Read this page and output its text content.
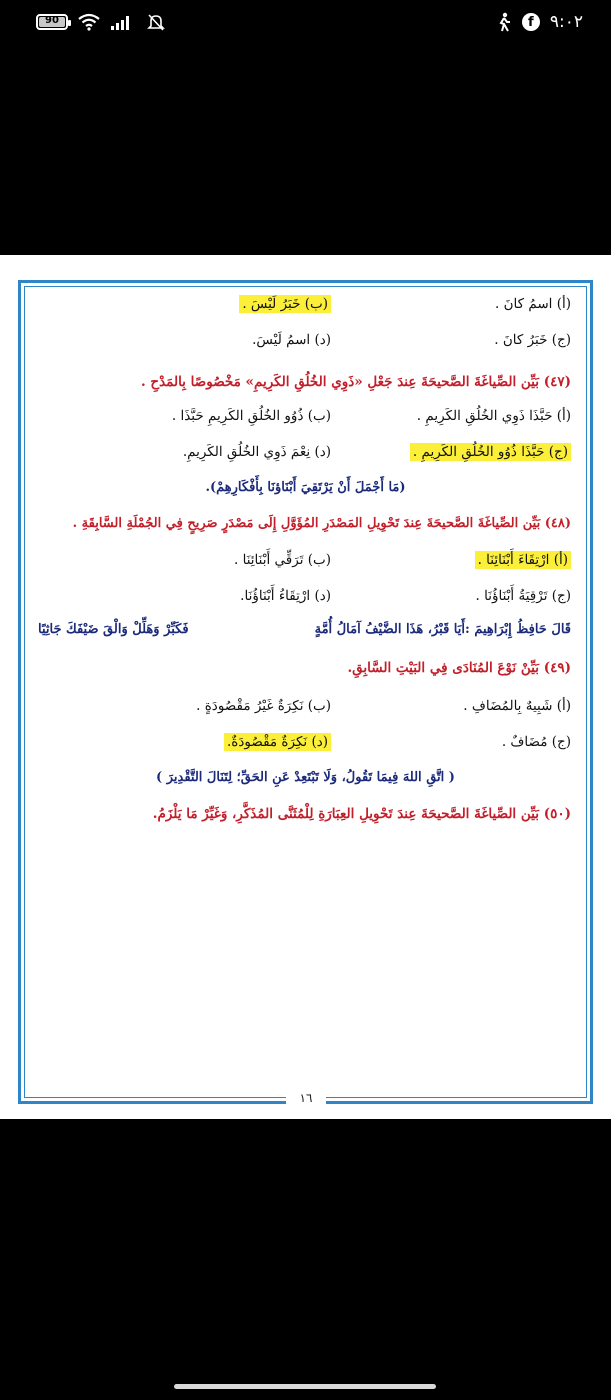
90	f ٩:٠٢
١٦
(أ) اسمُ كانَ .
(ب) خَبَرُ لَيْسَ .
(ج) خَبَرُ كانَ .
(د) اسمُ لَيْسَ.
(٤٧) بَيِّن الصِّياغَةَ الصَّحيحَةَ عِندَ جَعْلِ «ذَوِي الخُلُقِ الكَرِيمِ» مَخْصُوصًا بِالمَدْحِ .
(أ) حَبَّذَا ذَوِي الخُلُقِ الكَرِيمِ .
(ب) ذُوُو الخُلُقِ الكَرِيمِ حَبَّذَا .
(ج) حَبَّذَا ذُوُو الخُلُقِ الكَرِيمِ .
(د) نِعْمَ ذَوِي الخُلُقِ الكَرِيمِ.
(مَا أَجْمَلَ أَنْ يَرْتَقِيَ أَبْنَاؤنَا بِأَفْكَارِهِمْ).
(٤٨) بَيِّن الصِّياغَةَ الصَّحيحَةَ عِندَ تَحْوِيلِ المَصْدَرِ المُؤَوَّلِ إِلَى مَصْدَرٍ صَرِيحٍ فِي الجُمْلَةِ السَّابِقَةِ .
(أ) ارْتِقَاءَ أَبْنَائِنَا .
(ب) تَرَقِّي أَبْنَائِنَا .
(ج) تَرْقِيَةُ أَبْنَاؤُنَا .
(د) ارْتِقَاءُ أَبْنَاؤُنَا.
قَالَ حَافِظُ إِبْرَاهِيمَ :أَيَا قَبْرُ، هَذَا الضَّيْفُ آمَالُ أُمَّةٍ
فَكَبِّرْ وَهَلِّلْ وَالْقَ ضَيْفَكَ جَاثِيًا
(٤٩) بَيِّنْ نَوْعَ المُنَادَى فِي البَيْتِ السَّابِقِ.
(أ) شَبِيهٌ بِالمُضَافِ .
(ب) نَكِرَةٌ غَيْرُ مَقْصُودَةٍ .
(ج) مُضَافٌ .
(د) نَكِرَةٌ مَقْصُودَةٌ.
( اتَّقِ اللهَ فِيمَا تَقُولُ، وَلَا تَبْتَعِدْ عَنِ الحَقِّ؛ لِتَنَالَ التَّقْدِيرَ )
(٥٠) بَيِّن الصِّياغَةَ الصَّحيحَةَ عِندَ تَحْوِيلِ العِبَارَةِ لِلْمُثَنَّى المُذَكَّرِ، وَغَيِّرْ مَا يَلْزَمُ.
